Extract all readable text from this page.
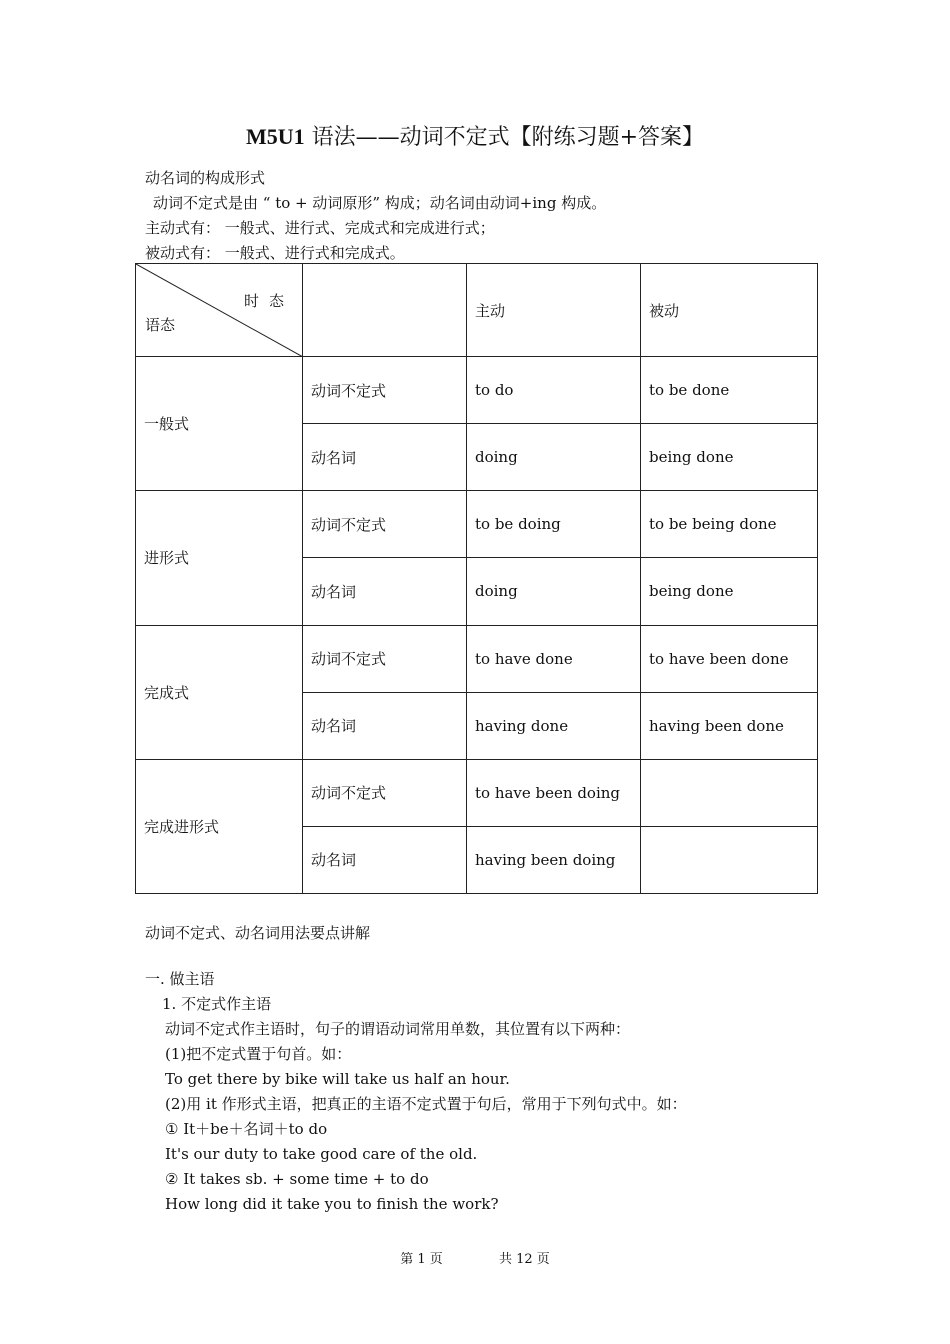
M5U1 语法——动词不定式【附练习题+答案】
动名词的构成形式
动词不定式是由 “ to + 动词原形” 构成；动名词由动词+ing 构成。
主动式有： 一般式、进行式、完成式和完成进行式；
被动式有： 一般式、进行式和完成式。
时态
语态		主动	被动
一般式	动词不定式	to do	to be done
	动名词	doing	being done
进形式	动词不定式	to be doing	to be being done
	动名词	doing	being done
完成式	动词不定式	to have done	to have been done
	动名词	having done	having been done
完成进形式	动词不定式	to have been doing	
	动名词	having been doing	
动词不定式、动名词用法要点讲解
一. 做主语
1. 不定式作主语
动词不定式作主语时，句子的谓语动词常用单数，其位置有以下两种：
(1)把不定式置于句首。如：
To get there by bike will take us half an hour.
(2)用 it 作形式主语，把真正的主语不定式置于句后，常用于下列句式中。如：
① It＋be＋名词＋to do
It's our duty to take good care of the old.
② It takes sb. + some time + to do
How long did it take you to finish the work?
第 1 页	共 12 页
